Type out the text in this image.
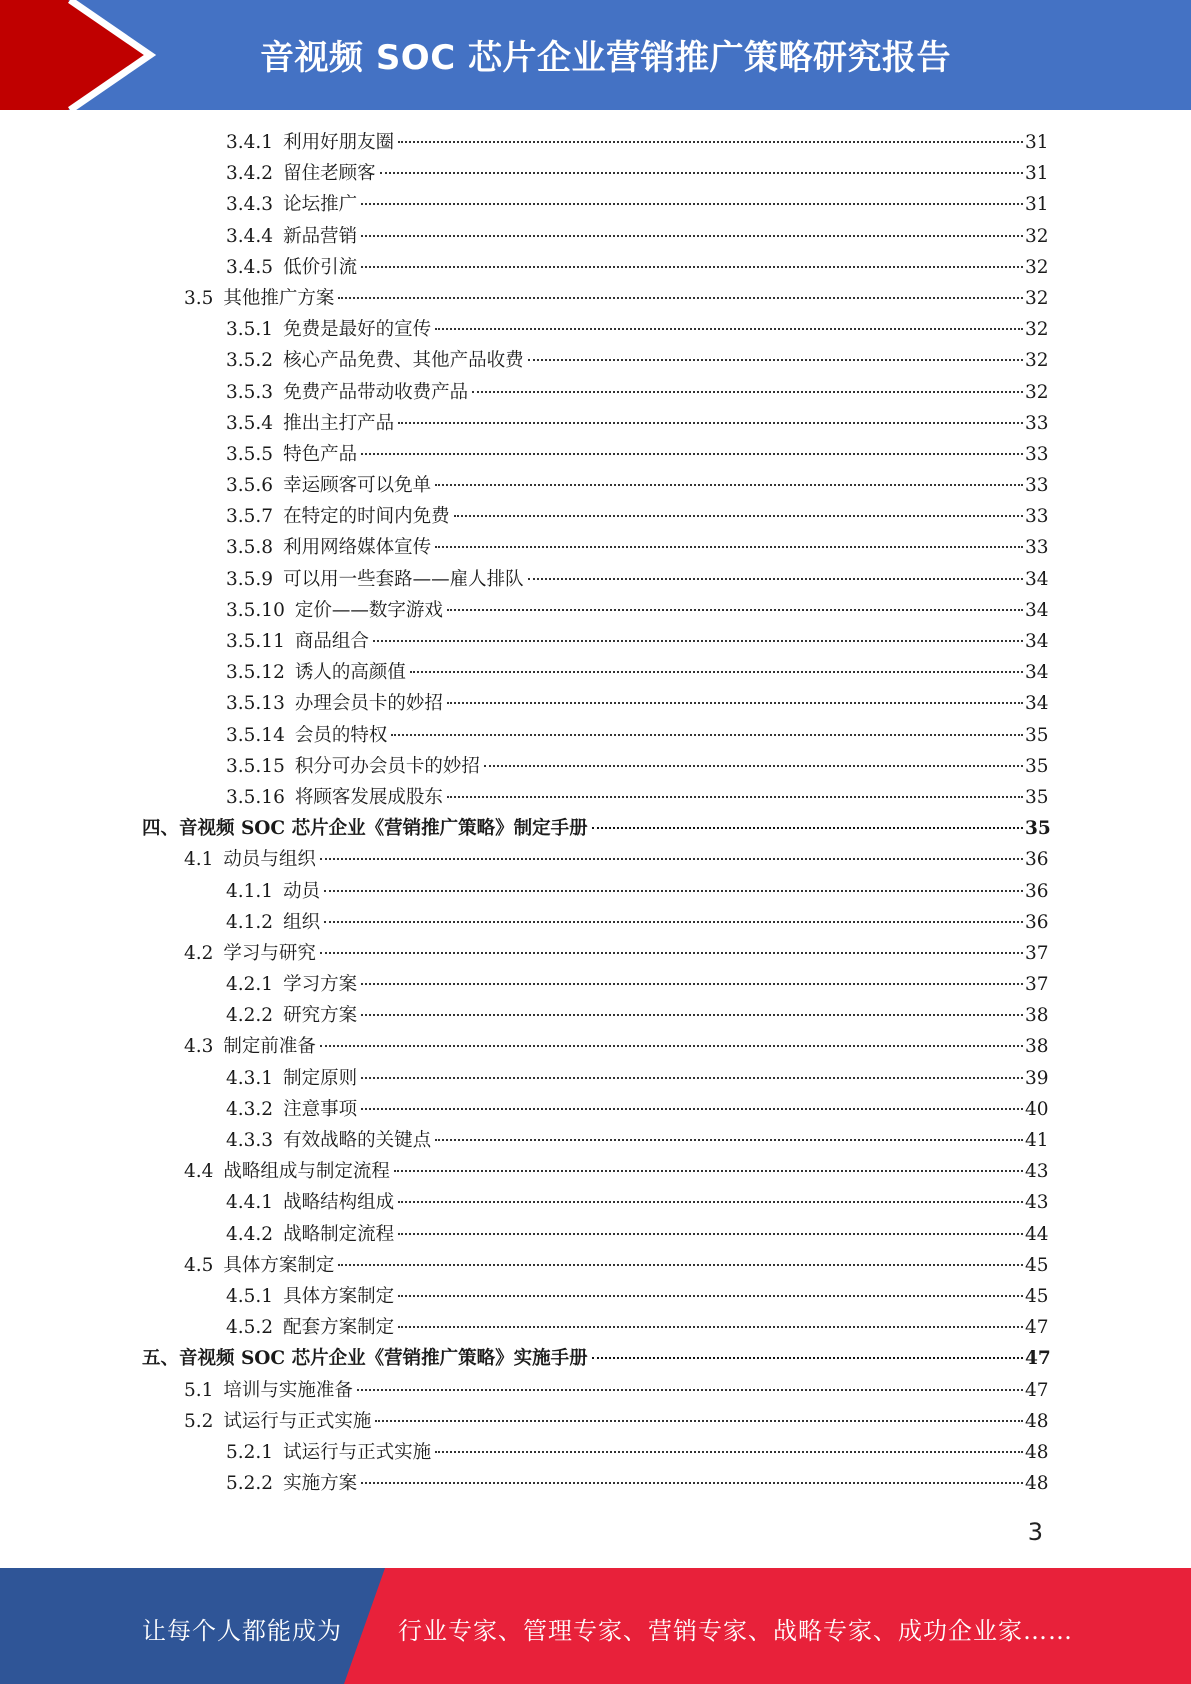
音视频 SOC 芯片企业营销推广策略研究报告
3.4.1 利用好朋友圈	31
3.4.2 留住老顾客	31
3.4.3 论坛推广	31
3.4.4 新品营销	32
3.4.5 低价引流	32
3.5 其他推广方案	32
3.5.1 免费是最好的宣传	32
3.5.2 核心产品免费、其他产品收费	32
3.5.3 免费产品带动收费产品	32
3.5.4 推出主打产品	33
3.5.5 特色产品	33
3.5.6 幸运顾客可以免单	33
3.5.7 在特定的时间内免费	33
3.5.8 利用网络媒体宣传	33
3.5.9 可以用一些套路——雇人排队	34
3.5.10 定价——数字游戏	34
3.5.11 商品组合	34
3.5.12 诱人的高颜值	34
3.5.13 办理会员卡的妙招	34
3.5.14 会员的特权	35
3.5.15 积分可办会员卡的妙招	35
3.5.16 将顾客发展成股东	35
四、音视频 SOC 芯片企业《营销推广策略》制定手册	35
4.1 动员与组织	36
4.1.1 动员	36
4.1.2 组织	36
4.2 学习与研究	37
4.2.1 学习方案	37
4.2.2 研究方案	38
4.3 制定前准备	38
4.3.1 制定原则	39
4.3.2 注意事项	40
4.3.3 有效战略的关键点	41
4.4 战略组成与制定流程	43
4.4.1 战略结构组成	43
4.4.2 战略制定流程	44
4.5 具体方案制定	45
4.5.1 具体方案制定	45
4.5.2 配套方案制定	47
五、音视频 SOC 芯片企业《营销推广策略》实施手册	47
5.1 培训与实施准备	47
5.2 试运行与正式实施	48
5.2.1 试运行与正式实施	48
5.2.2 实施方案	48
3
让每个人都能成为 行业专家、管理专家、营销专家、战略专家、成功企业家……
